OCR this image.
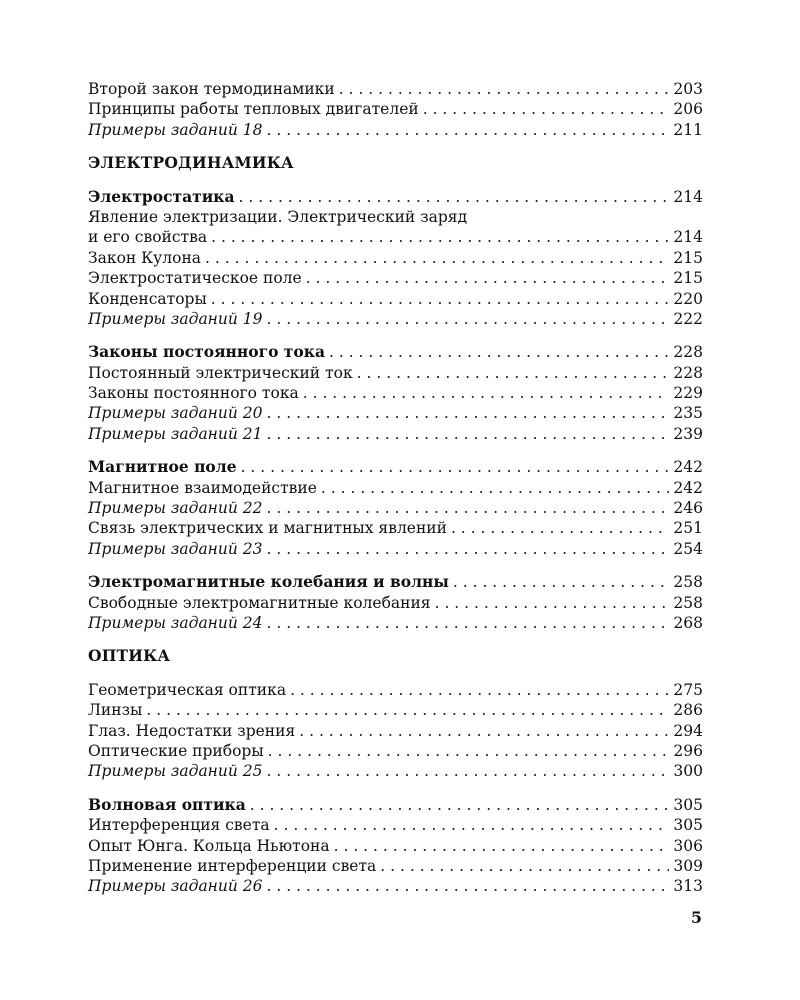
Второй закон термодинамики . . .	203
Принципы работы тепловых двигателей . . .	206
Примеры заданий 18 . . .	211
ЭЛЕКТРОДИНАМИКА
Электростатика . . .	214
Явление электризации. Электрический заряд
и его свойства . . .	214
Закон Кулона . . .	215
Электростатическое поле . . .	215
Конденсаторы . . .	220
Примеры заданий 19 . . .	222
Законы постоянного тока . . .	228
Постоянный электрический ток . . .	228
Законы постоянного тока . . .	229
Примеры заданий 20 . . .	235
Примеры заданий 21 . . .	239
Магнитное поле . . .	242
Магнитное взаимодействие . . .	242
Примеры заданий 22 . . .	246
Связь электрических и магнитных явлений . . .	251
Примеры заданий 23 . . .	254
Электромагнитные колебания и волны . . .	258
Свободные электромагнитные колебания . . .	258
Примеры заданий 24 . . .	268
ОПТИКА
Геометрическая оптика . . .	275
Линзы . . .	286
Глаз. Недостатки зрения . . .	294
Оптические приборы . . .	296
Примеры заданий 25 . . .	300
Волновая оптика . . .	305
Интерференция света . . .	305
Опыт Юнга. Кольца Ньютона . . .	306
Применение интерференции света . . .	309
Примеры заданий 26 . . .	313
5
